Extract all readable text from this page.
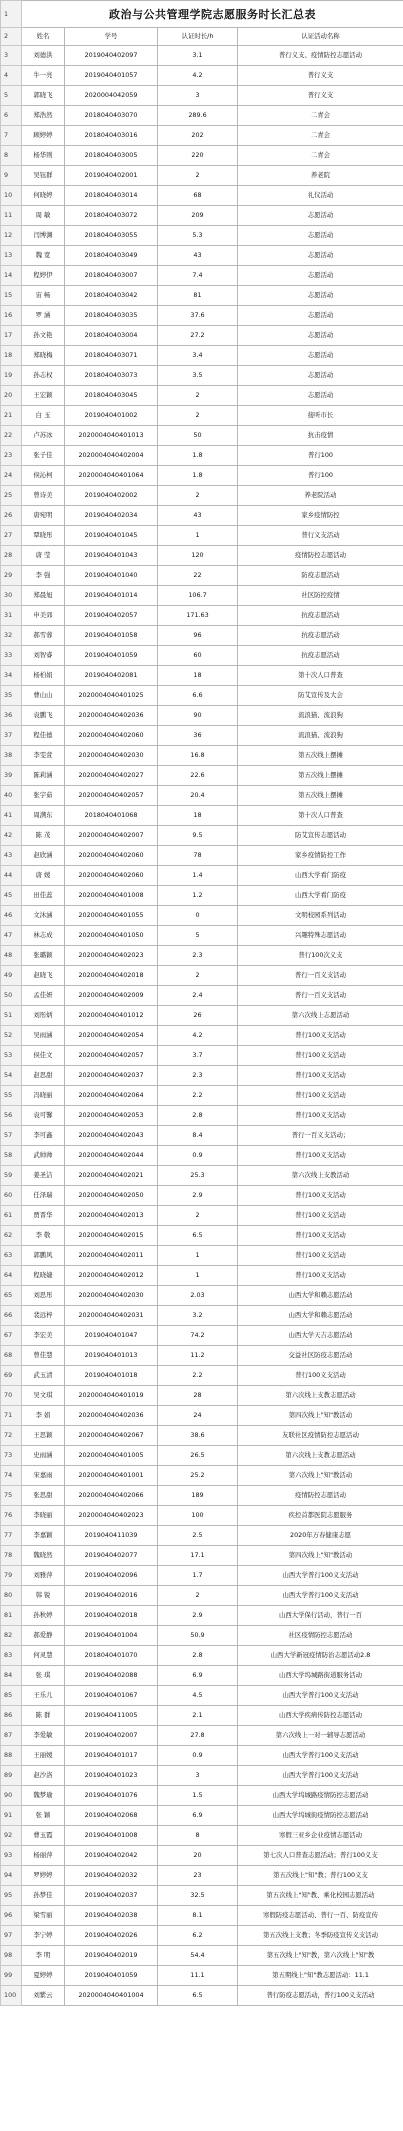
1	政治与公共管理学院志愿服务时长汇总表			
2	姓名	学号	认证时长/h	认证活动名称
3	刘德洪	2019040402097	3.1	普行义支、疫情防控志愿活动
4	牛一亮	2019040401057	4.2	普行义支
5	郭晓飞	2020004042059	3	普行义支
6	郑浩然	2018040403070	289.6	二青会
7	顾婷婷	2018040403016	202	二青会
8	杨华则	2018040403005	220	二青会
9	吴钰群	2019040402001	2	养老院
10	何晓婷	2018040403014	68	礼仪活动
11	周 敏	2018040403072	209	志愿活动
12	闫博渊	2018040403055	5.3	志愿活动
13	魏 宽	2018040403049	43	志愿活动
14	程婷伊	2018040403007	7.4	志愿活动
15	宙 畅	2018040403042	81	志愿活动
16	罗 涵	2018040403035	37.6	志愿活动
17	孙文艳	2018040403004	27.2	志愿活动
18	郑晓梅	2018040403071	3.4	志愿活动
19	孙志权	2018040403073	3.5	志愿活动
20	王宏颖	2018040403045	2	志愿活动
21	白 玉	2019040401002	2	接听市长
22	卢苏冰	2020004040401013	50	抗击疫情
23	张子佳	2020004040402004	1.8	普行100
24	侯沁柯	2020004040401064	1.8	普行100
25	曾诗美	2019040402002	2	养老院活动
26	唐宛明	2019040402034	43	家乡疫情防控
27	覃晓彤	2019040401045	1	普行义支活动
28	唐 莹	2019040401043	120	疫情防控志愿活动
29	李 强	2019040401040	22	防疫志愿活动
30	郑晨旭	2019040401014	106.7	社区防控疫情
31	申美郊	2019040402057	171.63	抗疫志愿活动
32	郝雪蓉	2019040401058	96	抗疫志愿活动
33	刘智睿	2019040401059	60	抗疫志愿活动
34	杨柏娟	2019040402081	18	第十次人口普查
35	曹山山	2020004040401025	6.6	防艾宣传及大会
36	袁鹏飞	2020004040402036	90	流浪猫、流浪狗
37	程佳德	2020004040402060	36	流浪猫、流浪狗
38	李雯萱	2020004040402030	16.8	第五次线上摆摊
39	陈莉涵	2020004040402027	22.6	第五次线上摆摊
40	张宇茹	2020004040402057	20.4	第五次线上摆摊
41	周满东	2018040401068	18	第十次人口普查
42	陈 茂	2020004040402007	9.5	防艾宣传志愿活动
43	赵欣涵	2020004040402060	78	家乡疫情防控工作
44	唐 媛	2020004040402060	1.4	山西大学看门防疫
45	田佳蕊	2020004040401008	1.2	山西大学看门防疫
46	文沐涵	2020004040401055	0	文明校园系列活动
47	林志成	2020004040401050	5	兴趣特殊志愿活动
48	张璐颖	2020004040402023	2.3	普行100次义支
49	赵晓飞	2020004040402018	2	普行一百义支活动
50	孟佳妍	2020004040402009	2.4	普行一百义支活动
51	刘彤炳	2020004040401012	26	第六次线上志愿活动
52	吴雨涵	2020004040402054	4.2	普行100义支活动
53	侯佳文	2020004040402057	3.7	普行100义支活动
54	赵思甜	2020004040402037	2.3	普行100义支活动
55	冯晓丽	2020004040402064	2.2	普行100义支活动
56	袁可馨	2020004040402053	2.8	普行100义支活动
57	李可鑫	2020004040402043	8.4	普行一百义支活动；
58	武帅帅	2020004040402044	0.9	普行100义支活动
59	姜圣洁	2020004040402021	25.3	第六次线上支教活动
60	任泽瑞	2020004040402050	2.9	普行100义支活动
61	贾晋华	2020004040402013	2	普行100义支活动
62	李 敬	2020004040402015	6.5	普行100义支活动
63	郭鹏风	2020004040402011	1	普行100义支活动
64	程晓婕	2020004040402012	1	普行100义支活动
65	刘思彤	2020004040402030	2.03	山西大学和赖志愿活动
66	裴远梓	2020004040402031	3.2	山西大学和赖志愿活动
67	李宏美	2019040401047	74.2	山西大学天吉志愿活动
68	曾佳慧	2019040401013	11.2	交益社区防疫志愿活动
69	武玉清	2019040401018	2.2	普行100义支活动
70	吴文琪	2020004040401019	28	第六次线上支教志愿活动
71	李 娟	2020004040402036	24	第四次线上"知"教活动
72	王思颖	2020004040402067	38.6	友联社区疫情防控志愿活动
73	史雨涵	2020004040401005	26.5	第六次线上支教志愿活动
74	宋嘉雨	2020004040401001	25.2	第六次线上"知"教活动
75	张思甜	2020004040402066	189	疫情防控志愿活动
76	李晓丽	2020004040402023	100	疾控首都医院志愿服务
77	李嘉颖	2019040411039	2.5	2020年万春健康志愿
78	魏晓然	2019040402077	17.1	第四次线上"知"教活动
79	刘雅萍	2019040402096	1.7	山西大学普行100义支活动
80	韩 锐	2019040402016	2	山西大学普行100义支活动
81	孙秋婷	2019040402018	2.9	山西大学保行活动，普行一百
82	郝爱静	2019040401004	50.9	社区疫情防控志愿活动
83	何灵慧	2018040401070	2.8	山西大学新冠疫情防治志愿活动2.8
84	张 琪	2019040402088	6.9	山西大学坞城路街道服务活动
85	王乐儿	2019040401067	4.5	山西大学普行100义支活动
86	陈 群	2019040411005	2.1	山西大学疾病传防控志愿活动
87	李爱敏	2019040402007	27.8	第六次线上一对一辅导志愿活动
88	王丽媛	2019040401017	0.9	山西大学普行100义支活动
89	赵沙洛	2019040401023	3	山西大学普行100义支活动
90	魏梦瑜	2019040401076	1.5	山西大学坞城路疫情防控志愿活动
91	张 颖	2019040402068	6.9	山西大学坞城街疫情防控志愿活动
92	曹玉霞	2019040401008	8	寒假三亚乡企业疫情志愿活动
93	杨丽萍	2019040402042	20	第七次人口普查志愿活动；普行100义支
94	罗婷婷	2019040402032	23	第五次线上"知"教；普行100义支
95	孙梦佳	2019040402037	32.5	第五次线上"知"教、乘化校园志愿活动
96	梁雪丽	2019040402038	8.1	寒假防疫志愿活动、普行一百、防疫宣传
97	李宁婷	2019040402026	6.2	第五次线上支教；冬季防疫宣传义支活动
98	李 明	2019040402019	54.4	第五次线上"知"教，第六次线上"知"教
99	夏婷婷	2019040401059	11.1	第五期线上"知"教志愿活动：11.1
100	刘紫云	2020004040401004	6.5	普行防疫志愿活动，普行100义支活动
